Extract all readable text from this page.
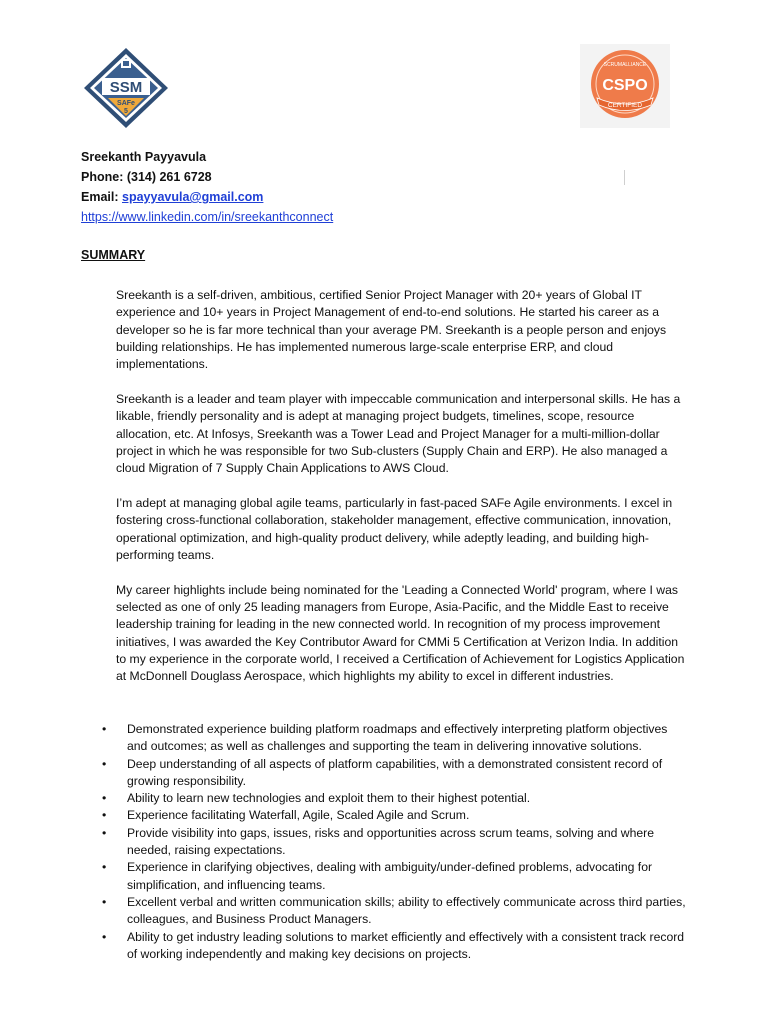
SSM
SAFe
5
SCRUMALLIANCE
CSPO
CERTIFIED
Sreekanth Payyavula
Phone: (314) 261 6728
Email: spayyavula@gmail.com
https://www.linkedin.com/in/sreekanthconnect
SUMMARY

Sreekanth is a self-driven, ambitious, certified Senior Project Manager with 20+ years of Global IT experience and 10+ years in Project Management of end-to-end solutions. He started his career as a developer so he is far more technical than your average PM. Sreekanth is a people person and enjoys building relationships. He has implemented numerous large-scale enterprise ERP, and cloud implementations.

Sreekanth is a leader and team player with impeccable communication and interpersonal skills. He has a likable, friendly personality and is adept at managing project budgets, timelines, scope, resource allocation, etc. At Infosys, Sreekanth was a Tower Lead and Project Manager for a multi-million-dollar project in which he was responsible for two Sub-clusters (Supply Chain and ERP). He also managed a cloud Migration of 7 Supply Chain Applications to AWS Cloud.

I’m adept at managing global agile teams, particularly in fast-paced SAFe Agile environments. I excel in fostering cross-functional collaboration, stakeholder management, effective communication, innovation, operational optimization, and high-quality product delivery, while adeptly leading, and building high-performing teams.

My career highlights include being nominated for the 'Leading a Connected World' program, where I was selected as one of only 25 leading managers from Europe, Asia-Pacific, and the Middle East to receive leadership training for leading in the new connected world. In recognition of my process improvement initiatives, I was awarded the Key Contributor Award for CMMi 5 Certification at Verizon India. In addition to my experience in the corporate world, I received a Certification of Achievement for Logistics Application at McDonnell Douglass Aerospace, which highlights my ability to excel in different industries.

•	Demonstrated experience building platform roadmaps and effectively interpreting platform objectives and outcomes; as well as challenges and supporting the team in delivering innovative solutions.
•	Deep understanding of all aspects of platform capabilities, with a demonstrated consistent record of growing responsibility.
•	Ability to learn new technologies and exploit them to their highest potential.
•	Experience facilitating Waterfall, Agile, Scaled Agile and Scrum.
•	Provide visibility into gaps, issues, risks and opportunities across scrum teams, solving and where needed, raising expectations.
•	Experience in clarifying objectives, dealing with ambiguity/under-defined problems, advocating for simplification, and influencing teams.
•	Excellent verbal and written communication skills; ability to effectively communicate across third parties, colleagues, and Business Product Managers.
•	Ability to get industry leading solutions to market efficiently and effectively with a consistent track record of working independently and making key decisions on projects.
